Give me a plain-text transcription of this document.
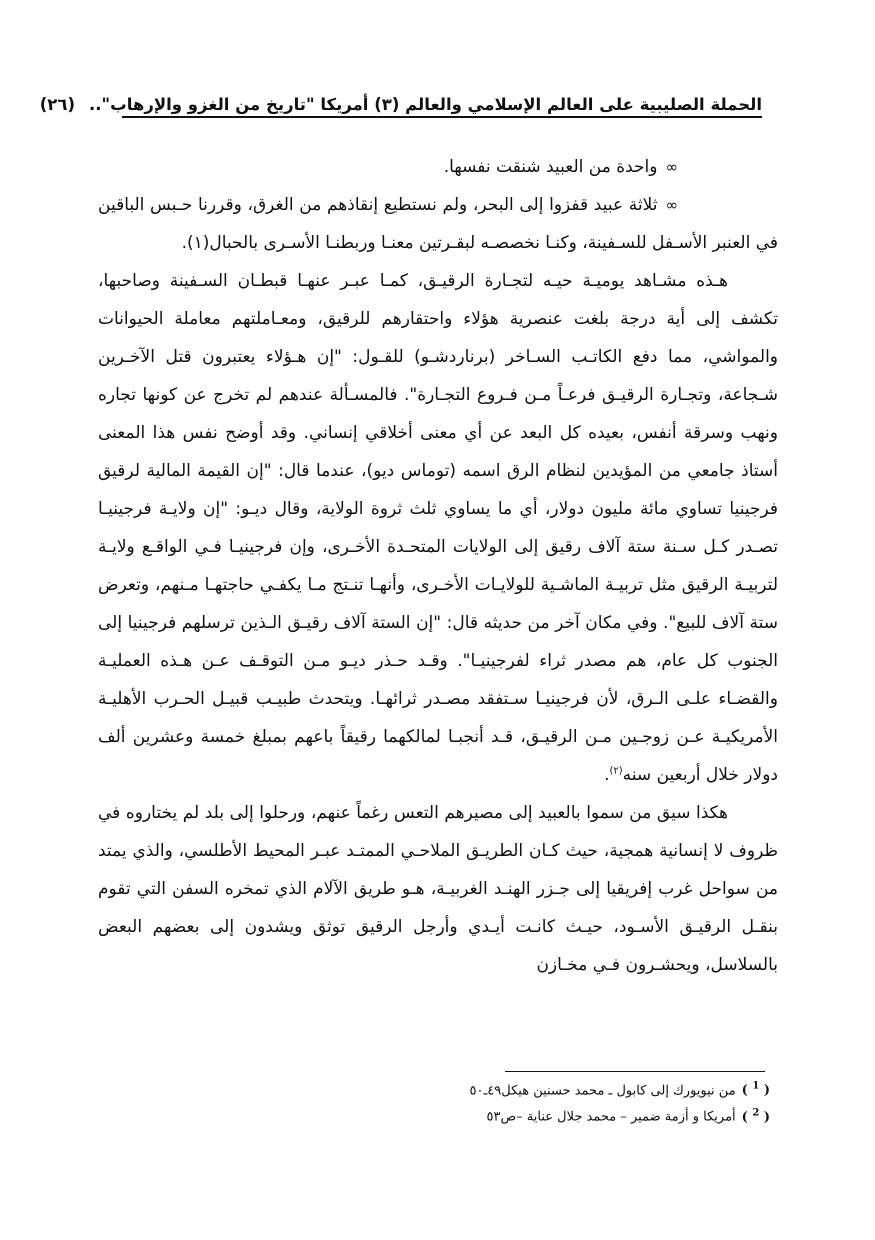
الحملة الصليبية على العالم الإسلامي والعالم (٣) أمريكا "تاريخ من الغزو والإرهاب"..
(٢٦)

∞واحدة من العبيد شنقت نفسها.

∞ثلاثة عبيد قفزوا إلى البحر، ولم نستطيع إنقاذهم من الغرق، وقررنا حـبس الباقين في العنبر الأسـفل للسـفينة، وكنـا نخصصـه لبقـرتين معنـا وربطنـا الأسـرى بالحبال(١).

هـذه مشـاهد يوميـة حيـه لتجـارة الرقيـق، كمـا عبـر عنهـا قبطـان السـفينة وصاحبها، تكشف إلى أية درجة بلغت عنصرية هؤلاء واحتقارهم للرقيق، ومعـاملتهم معاملة الحيوانات والمواشي، مما دفع الكاتـب السـاخر (برناردشـو) للقـول: "إن هـؤلاء يعتبرون قتل الآخـرين شـجاعة، وتجـارة الرقيـق فرعـاً مـن فـروع التجـارة". فالمسـألة عندهم لم تخرج عن كونها تجاره ونهب وسرقة أنفس، بعيده كل البعد عن أي معنى أخلاقي إنساني. وقد أوضح نفس هذا المعنى أستاذ جامعي من المؤيدين لنظام الرق اسمه (توماس ديو)، عندما قال: "إن القيمة المالية لرقيق فرجينيا تساوي مائة مليون دولار، أي ما يساوي ثلث ثروة الولاية، وقال ديـو: "إن ولايـة فرجينيـا تصـدر كـل سـنة ستة آلاف رقيق إلى الولايات المتحـدة الأخـرى، وإن فرجينيـا فـي الواقـع ولايـة لتربيـة الرقيق مثل تربيـة الماشـية للولايـات الأخـرى، وأنهـا تنـتج مـا يكفـي حاجتهـا مـنهم، وتعرض ستة آلاف للبيع". وفي مكان آخر من حديثه قال: "إن الستة آلاف رقيـق الـذين ترسلهم فرجينيا إلى الجنوب كل عام، هم مصدر ثراء لفرجينيـا". وقـد حـذر ديـو مـن التوقـف عـن هـذه العمليـة والقضـاء علـى الـرق، لأن فرجينيـا سـتفقد مصـدر ثرائهـا. ويتحدث طبيـب قبيـل الحـرب الأهليـة الأمريكيـة عـن زوجـين مـن الرقيـق، قـد أنجبـا لمالكهما رقيقاً باعهم بمبلغ خمسة وعشرين ألف دولار خلال أربعين سنه$^{(٢)}$.

هكذا سيق من سموا بالعبيد إلى مصيرهم التعس رغماً عنهم، ورحلوا إلى بلد لم يختاروه في ظروف لا إنسانية همجية، حيث كـان الطريـق الملاحـي الممتـد عبـر المحيط الأطلسي، والذي يمتد من سواحل غرب إفريقيا إلى جـزر الهنـد الغربيـة، هـو طريق الآلام الذي تمخره السفن التي تقوم بنقـل الرقيـق الأسـود، حيـث كانـت أيـدي وأرجل الرقيق توثق ويشدون إلى بعضهم البعض بالسلاسل، ويحشـرون فـي مخـازن

( $^1$ )من نيويورك إلى كابول ـ محمد حسنين هيكل٤٩ـ٥٠
( $^2$ )أمريكا و أزمة ضمير – محمد جلال عناية –ص٥٣
